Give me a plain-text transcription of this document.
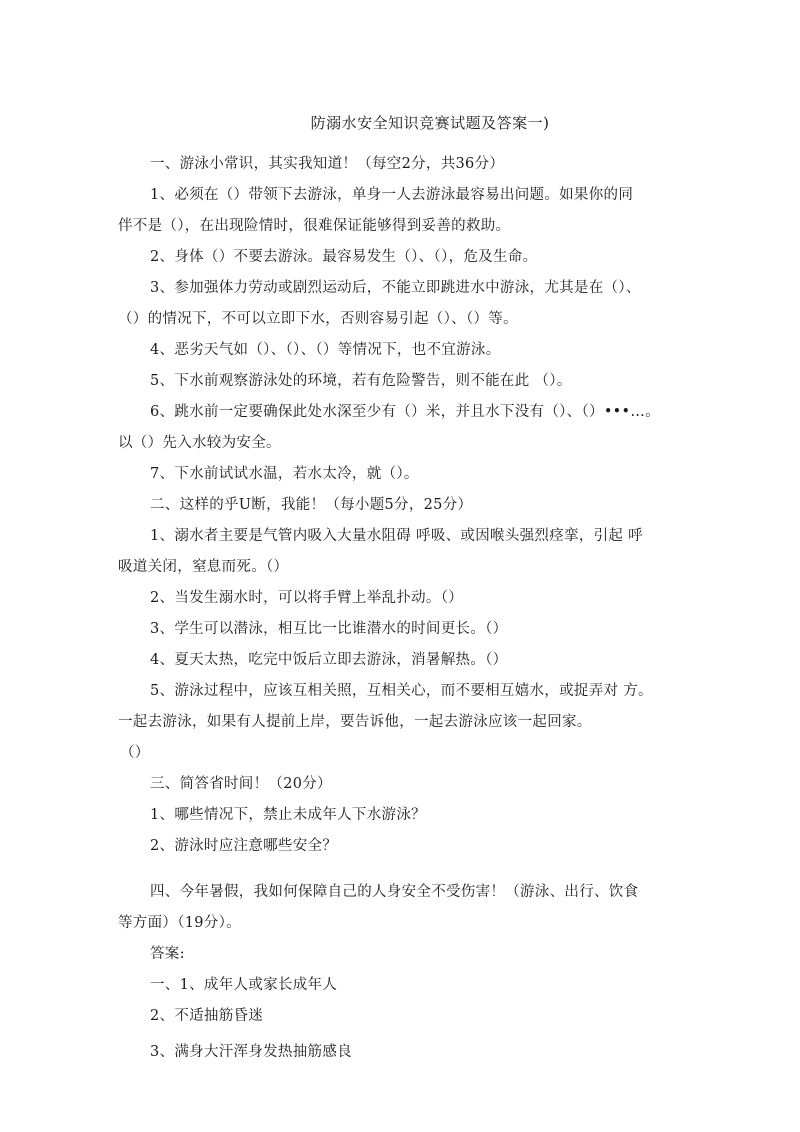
防溺水安全知识竞赛试题及答案一)
一、游泳小常识，其实我知道！（每空2分，共36分）
1、必须在（）带领下去游泳，单身一人去游泳最容易出问题。如果你的同
伴不是（），在出现险情时，很难保证能够得到妥善的救助。
2、身体（）不要去游泳。最容易发生（）、（），危及生命。
3、参加强体力劳动或剧烈运动后，不能立即跳进水中游泳，尤其是在（）、
（）的情况下，不可以立即下水，否则容易引起（）、（）等。
4、恶劣天气如（）、（）、（）等情况下，也不宜游泳。
5、下水前观察游泳处的环境，若有危险警告，则不能在此 （）。
6、跳水前一定要确保此处水深至少有（）米，并且水下没有（）、（）•••…。
以（）先入水较为安全。
7、下水前试试水温，若水太冷，就（）。
二、这样的乎U断，我能！（每小题5分，25分）
1、溺水者主要是气管内吸入大量水阻碍 呼吸、或因喉头强烈痉挛，引起 呼
吸道关闭，窒息而死。（）
2、当发生溺水时，可以将手臂上举乱扑动。（）
3、学生可以潜泳，相互比一比谁潜水的时间更长。（）
4、夏天太热，吃完中饭后立即去游泳，消暑解热。（）
5、游泳过程中，应该互相关照，互相关心，而不要相互嬉水，或捉弄对 方。
一起去游泳，如果有人提前上岸，要告诉他，一起去游泳应该一起回家。
（）
三、简答省时间！（20分）
1、哪些情况下，禁止未成年人下水游泳？
2、游泳时应注意哪些安全？
四、今年暑假，我如何保障自己的人身安全不受伤害！（游泳、出行、饮食
等方面）（19分）。
答案:
一、1、成年人或家长成年人
2、不适抽筋昏迷
3、满身大汗浑身发热抽筋感良
